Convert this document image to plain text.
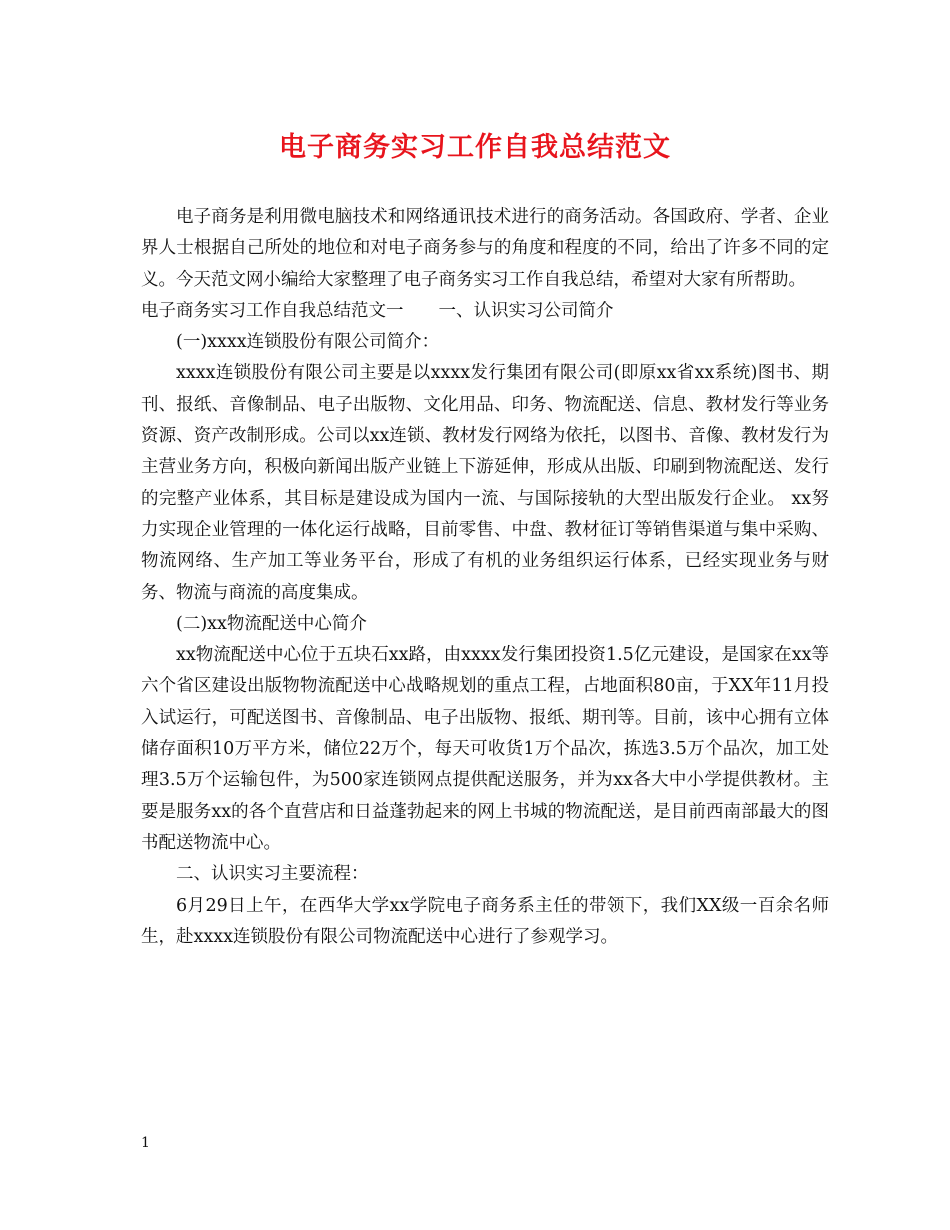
电子商务实习工作自我总结范文

电子商务是利用微电脑技术和网络通讯技术进行的商务活动。各国政府、学者、企业界人士根据自己所处的地位和对电子商务参与的角度和程度的不同，给出了许多不同的定义。今天范文网小编给大家整理了电子商务实习工作自我总结，希望对大家有所帮助。

电子商务实习工作自我总结范文一　　一、认识实习公司简介

(一)xxxx连锁股份有限公司简介：

xxxx连锁股份有限公司主要是以xxxx发行集团有限公司(即原xx省xx系统)图书、期刊、报纸、音像制品、电子出版物、文化用品、印务、物流配送、信息、教材发行等业务资源、资产改制形成。公司以xx连锁、教材发行网络为依托，以图书、音像、教材发行为主营业务方向，积极向新闻出版产业链上下游延伸，形成从出版、印刷到物流配送、发行的完整产业体系，其目标是建设成为国内一流、与国际接轨的大型出版发行企业。 xx努力实现企业管理的一体化运行战略，目前零售、中盘、教材征订等销售渠道与集中采购、物流网络、生产加工等业务平台，形成了有机的业务组织运行体系，已经实现业务与财务、物流与商流的高度集成。

(二)xx物流配送中心简介

xx物流配送中心位于五块石xx路，由xxxx发行集团投资1.5亿元建设，是国家在xx等六个省区建设出版物物流配送中心战略规划的重点工程，占地面积80亩，于XX年11月投入试运行，可配送图书、音像制品、电子出版物、报纸、期刊等。目前，该中心拥有立体储存面积10万平方米，储位22万个，每天可收货1万个品次，拣选3.5万个品次，加工处理3.5万个运输包件，为500家连锁网点提供配送服务，并为xx各大中小学提供教材。主要是服务xx的各个直营店和日益蓬勃起来的网上书城的物流配送，是目前西南部最大的图书配送物流中心。

二、认识实习主要流程：

6月29日上午，在西华大学xx学院电子商务系主任的带领下，我们XX级一百余名师生，赴xxxx连锁股份有限公司物流配送中心进行了参观学习。

1
